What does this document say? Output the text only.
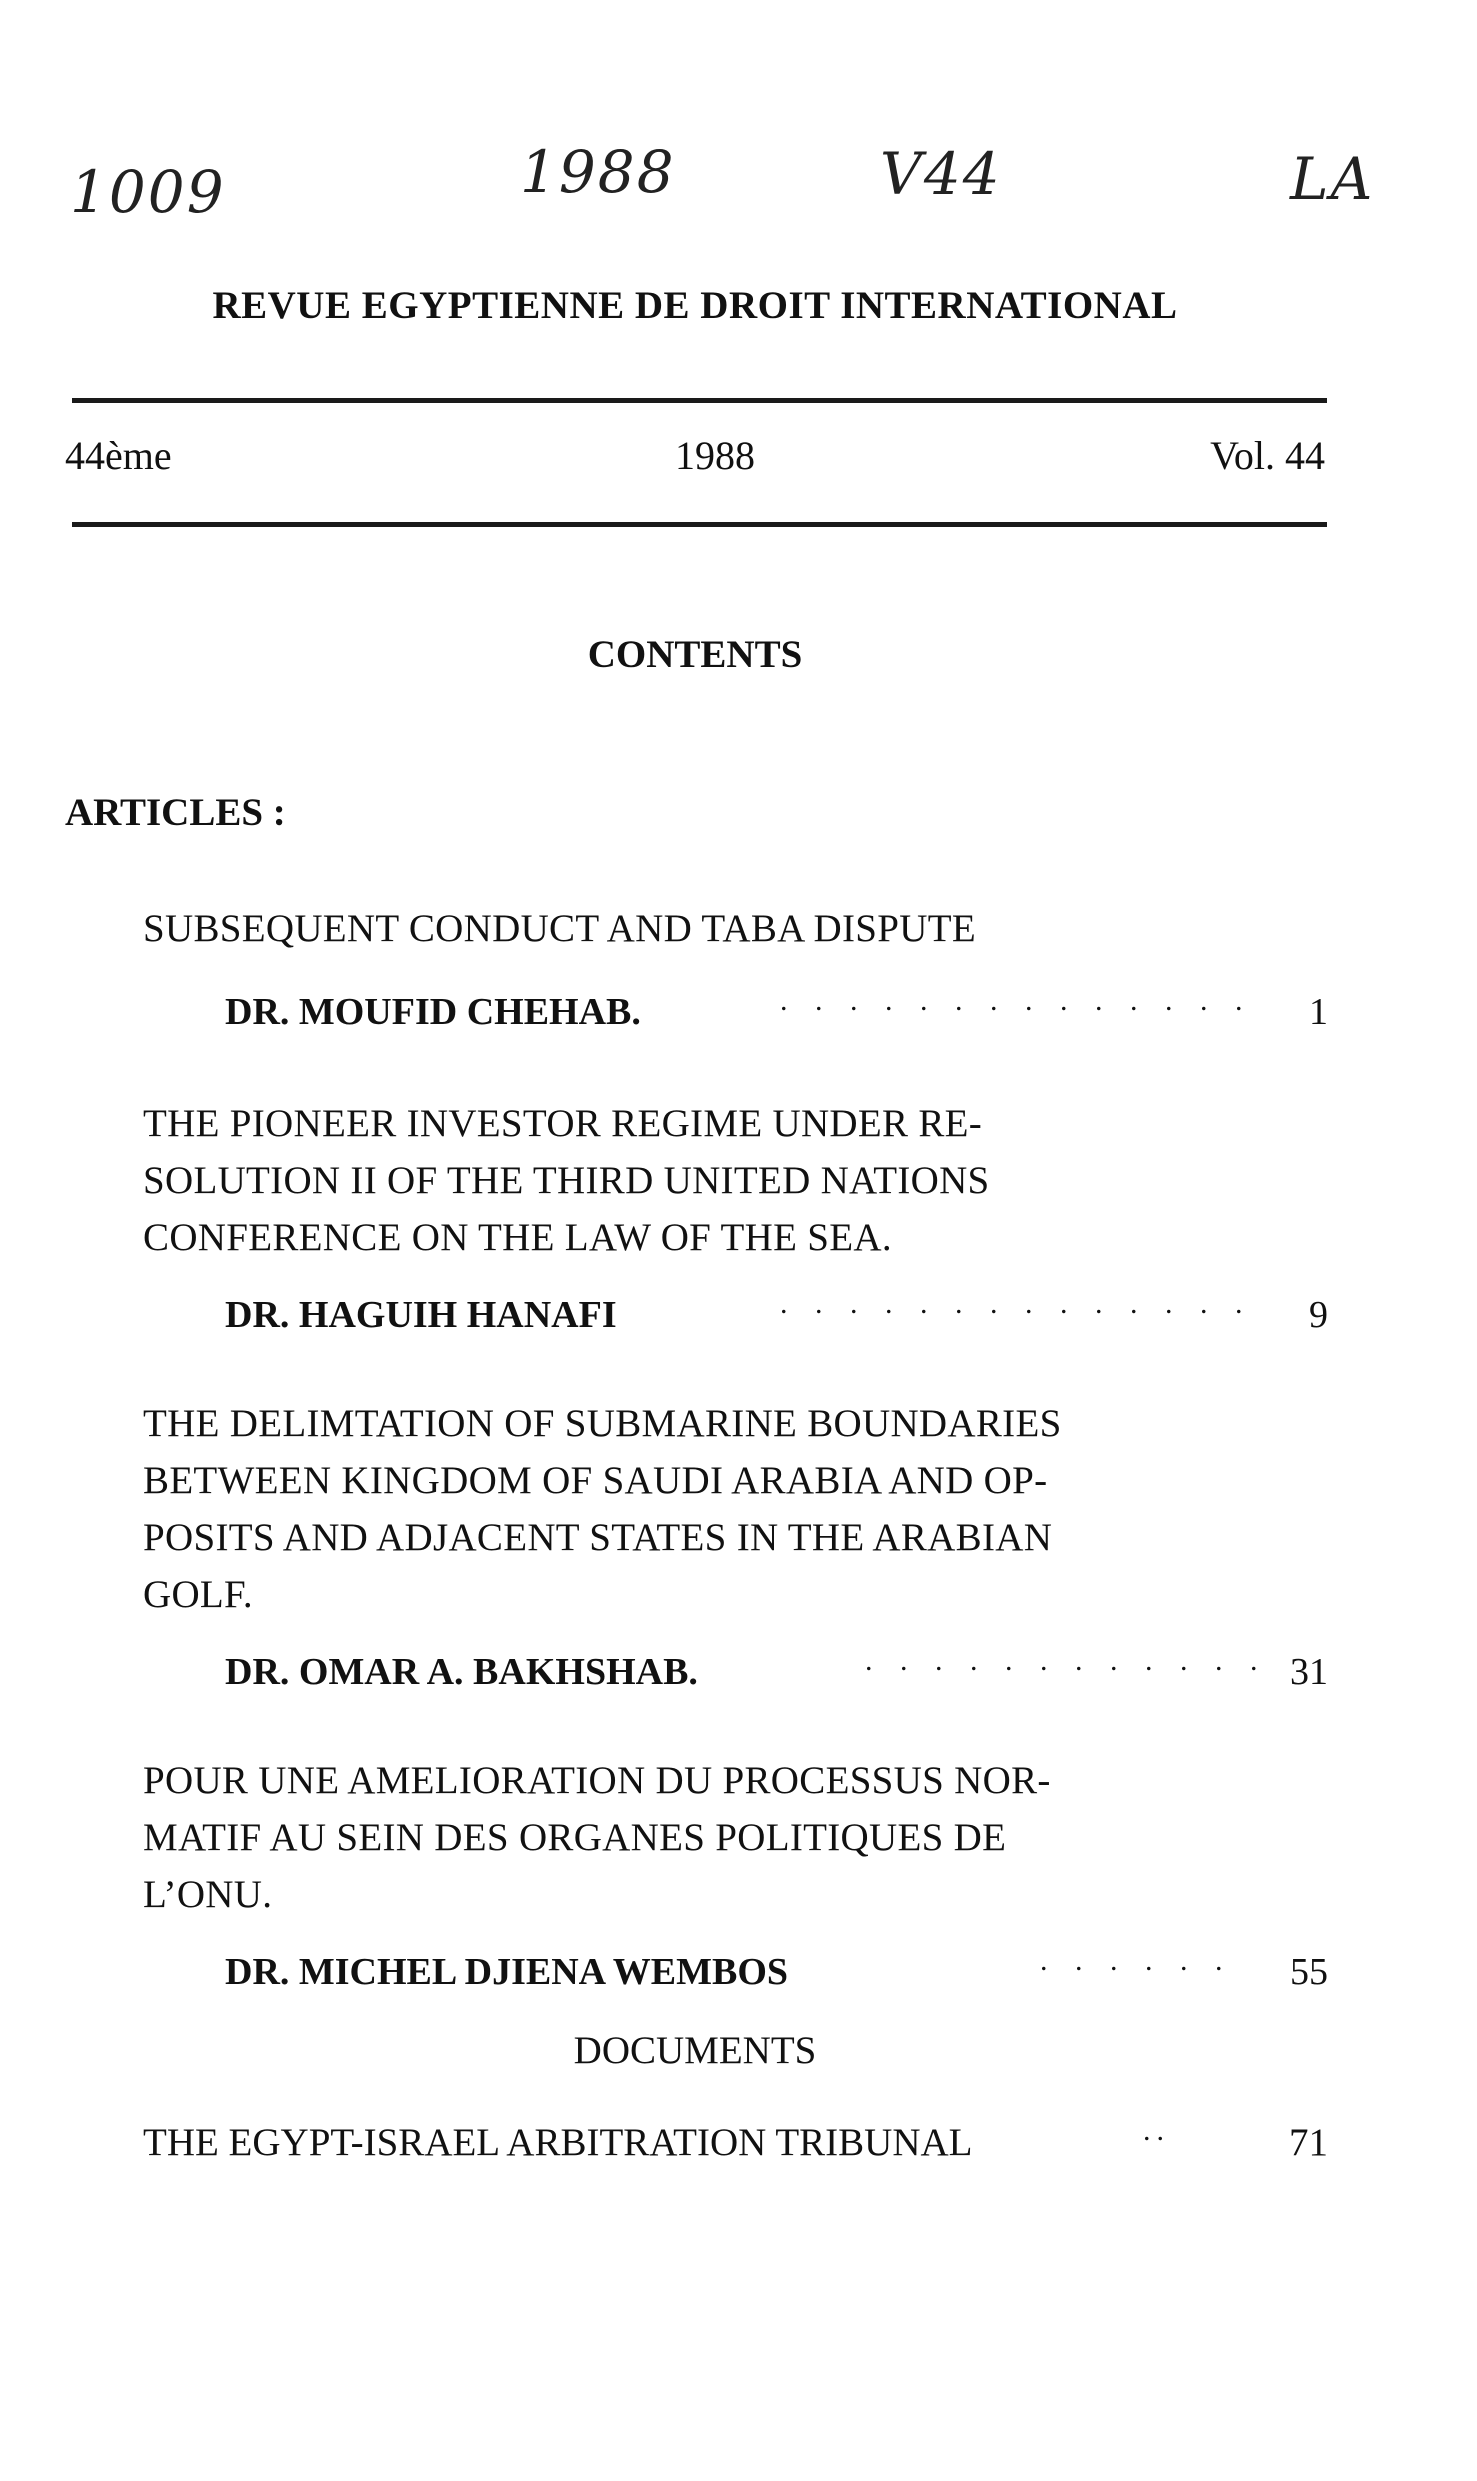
1009	1988	V44	LA
REVUE EGYPTIENNE DE DROIT INTERNATIONAL
44ème	1988	Vol. 44
CONTENTS
ARTICLES :
SUBSEQUENT CONDUCT AND TABA DISPUTE
DR. MOUFID CHEHAB.	. . . . . . . . . . . . . . 1
THE PIONEER INVESTOR REGIME UNDER RE-
SOLUTION II OF THE THIRD UNITED NATIONS
CONFERENCE ON THE LAW OF THE SEA.
DR. HAGUIH HANAFI	. . . . . . . . . . . . . . 9
THE DELIMTATION OF SUBMARINE BOUNDARIES
BETWEEN KINGDOM OF SAUDI ARABIA AND OP-
POSITS AND ADJACENT STATES IN THE ARABIAN
GOLF.
DR. OMAR A. BAKHSHAB.	. . . . . . . . . . . . 31
POUR UNE AMELIORATION DU PROCESSUS NOR-
MATIF AU SEIN DES ORGANES POLITIQUES DE
L’ONU.
DR. MICHEL DJIENA WEMBOS	. . . . . . 55
DOCUMENTS
THE EGYPT-ISRAEL ARBITRATION TRIBUNAL	..	71
